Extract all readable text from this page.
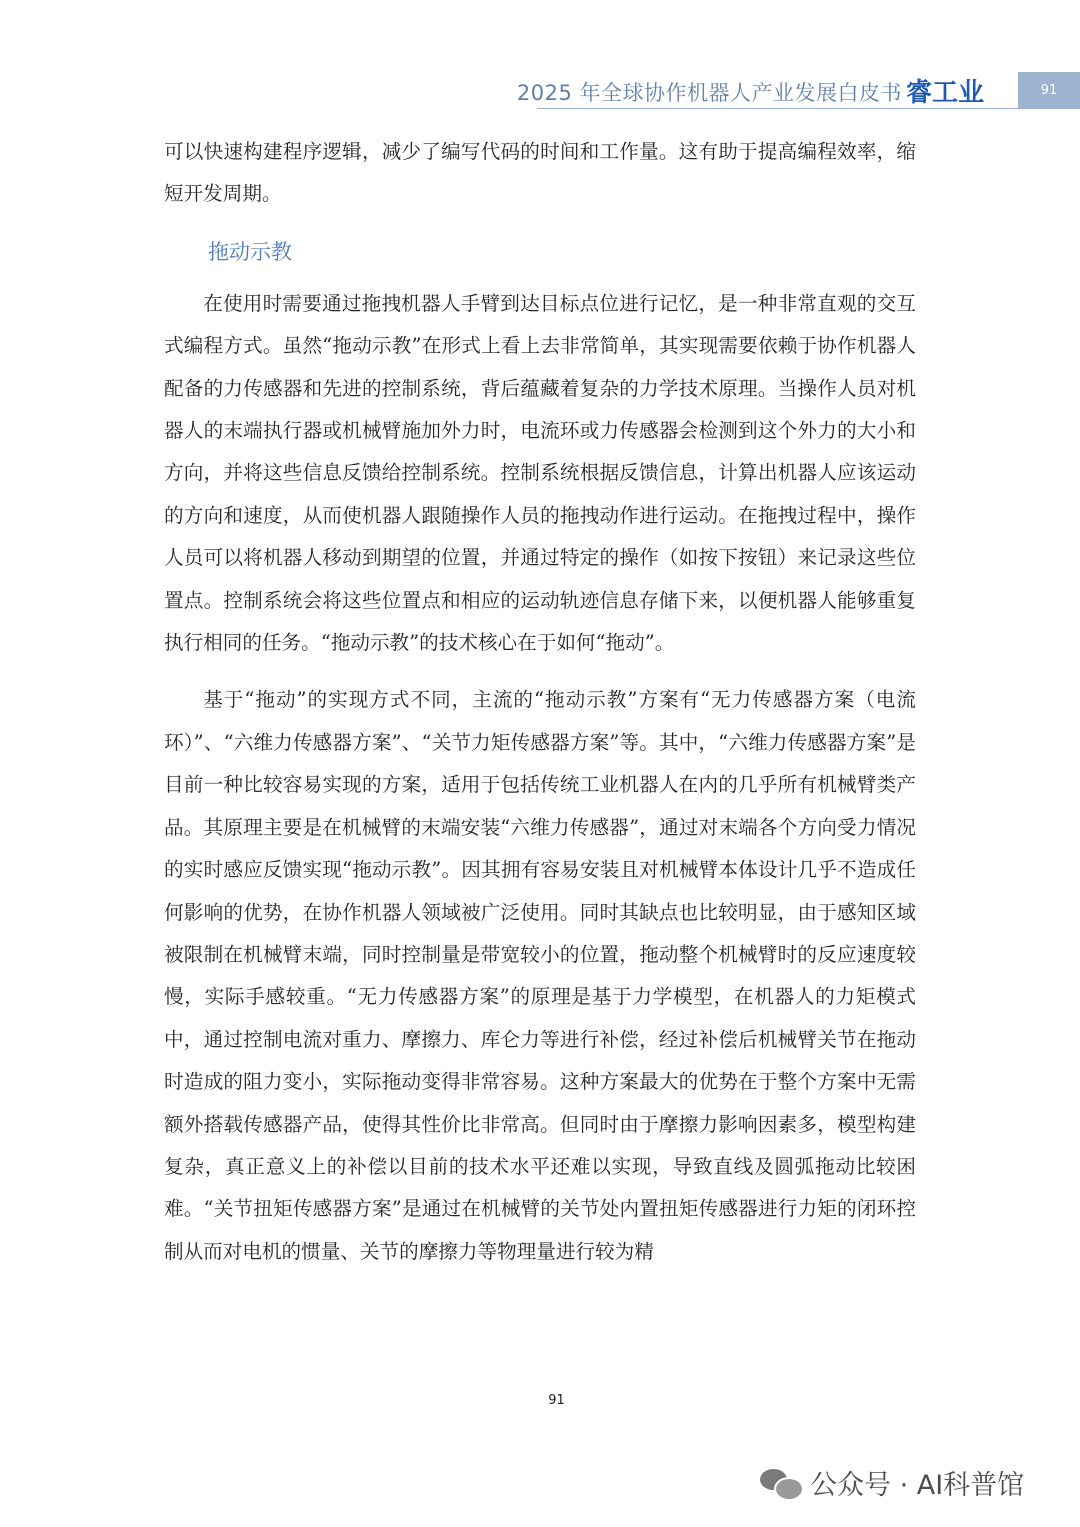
2025 年全球协作机器人产业发展白皮书 睿工业	91

可以快速构建程序逻辑，减少了编写代码的时间和工作量。这有助于提高编程效率，缩短开发周期。

拖动示教

在使用时需要通过拖拽机器人手臂到达目标点位进行记忆，是一种非常直观的交互式编程方式。虽然“拖动示教”在形式上看上去非常简单，其实现需要依赖于协作机器人配备的力传感器和先进的控制系统，背后蕴藏着复杂的力学技术原理。当操作人员对机器人的末端执行器或机械臂施加外力时，电流环或力传感器会检测到这个外力的大小和方向，并将这些信息反馈给控制系统。控制系统根据反馈信息，计算出机器人应该运动的方向和速度，从而使机器人跟随操作人员的拖拽动作进行运动。在拖拽过程中，操作人员可以将机器人移动到期望的位置，并通过特定的操作（如按下按钮）来记录这些位置点。控制系统会将这些位置点和相应的运动轨迹信息存储下来，以便机器人能够重复执行相同的任务。“拖动示教”的技术核心在于如何“拖动”。

基于“拖动”的实现方式不同，主流的“拖动示教”方案有“无力传感器方案（电流环）”、“六维力传感器方案”、“关节力矩传感器方案”等。其中，“六维力传感器方案”是目前一种比较容易实现的方案，适用于包括传统工业机器人在内的几乎所有机械臂类产品。其原理主要是在机械臂的末端安装“六维力传感器”，通过对末端各个方向受力情况的实时感应反馈实现“拖动示教”。因其拥有容易安装且对机械臂本体设计几乎不造成任何影响的优势，在协作机器人领域被广泛使用。同时其缺点也比较明显，由于感知区域被限制在机械臂末端，同时控制量是带宽较小的位置，拖动整个机械臂时的反应速度较慢，实际手感较重。“无力传感器方案”的原理是基于力学模型，在机器人的力矩模式中，通过控制电流对重力、摩擦力、库仑力等进行补偿，经过补偿后机械臂关节在拖动时造成的阻力变小，实际拖动变得非常容易。这种方案最大的优势在于整个方案中无需额外搭载传感器产品，使得其性价比非常高。但同时由于摩擦力影响因素多，模型构建复杂，真正意义上的补偿以目前的技术水平还难以实现，导致直线及圆弧拖动比较困难。“关节扭矩传感器方案”是通过在机械臂的关节处内置扭矩传感器进行力矩的闭环控制从而对电机的惯量、关节的摩擦力等物理量进行较为精

91
公众号 · AI科普馆
